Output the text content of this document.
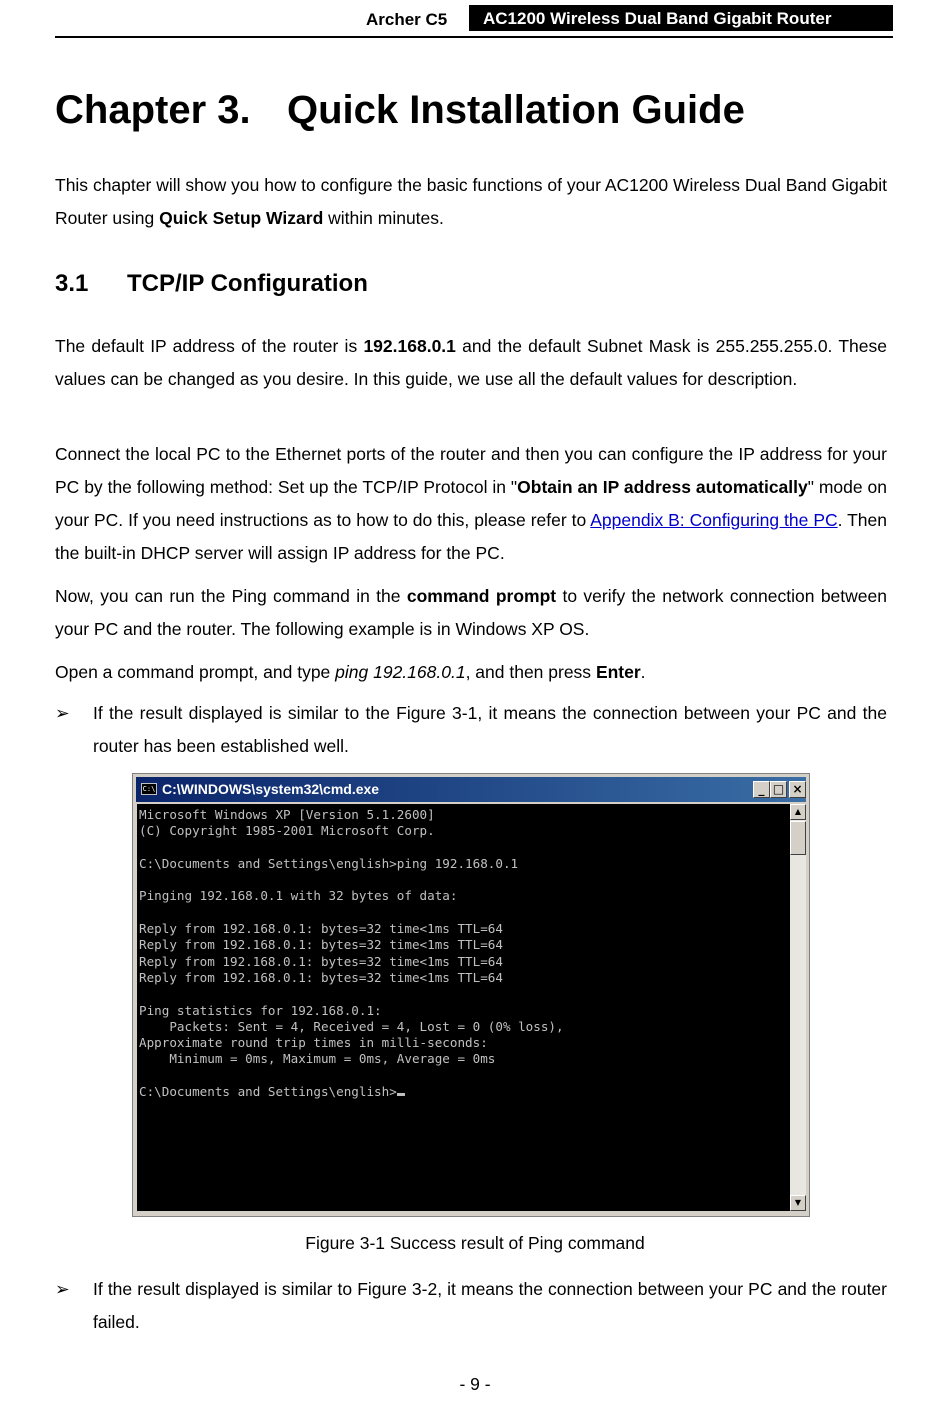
Archer C5	AC1200 Wireless Dual Band Gigabit Router
Chapter 3. Quick Installation Guide

This chapter will show you how to configure the basic functions of your AC1200 Wireless Dual Band Gigabit Router using Quick Setup Wizard within minutes.

3.1 TCP/IP Configuration

The default IP address of the router is 192.168.0.1 and the default Subnet Mask is 255.255.255.0. These values can be changed as you desire. In this guide, we use all the default values for description.

Connect the local PC to the Ethernet ports of the router and then you can configure the IP address for your PC by the following method: Set up the TCP/IP Protocol in "Obtain an IP address automatically" mode on your PC. If you need instructions as to how to do this, please refer to Appendix B: Configuring the PC. Then the built-in DHCP server will assign IP address for the PC.

Now, you can run the Ping command in the command prompt to verify the network connection between your PC and the router. The following example is in Windows XP OS.

Open a command prompt, and type ping 192.168.0.1, and then press Enter.

➢	If the result displayed is similar to the Figure 3-1, it means the connection between your PC and the router has been established well.
C:\ C:\WINDOWS\system32\cmd.exe	_ □ ×
Microsoft Windows XP [Version 5.1.2600]
(C) Copyright 1985-2001 Microsoft Corp.
C:\Documents and Settings\english>ping 192.168.0.1
Pinging 192.168.0.1 with 32 bytes of data:
Reply from 192.168.0.1: bytes=32 time<1ms TTL=64
Reply from 192.168.0.1: bytes=32 time<1ms TTL=64
Reply from 192.168.0.1: bytes=32 time<1ms TTL=64
Reply from 192.168.0.1: bytes=32 time<1ms TTL=64
Ping statistics for 192.168.0.1:
Packets: Sent = 4, Received = 4, Lost = 0 (0% loss),
Approximate round trip times in milli-seconds:
Minimum = 0ms, Maximum = 0ms, Average = 0ms
C:\Documents and Settings\english>
▲
▼
Figure 3-1 Success result of Ping command
➢	If the result displayed is similar to Figure 3-2, it means the connection between your PC and the router failed.
- 9 -
